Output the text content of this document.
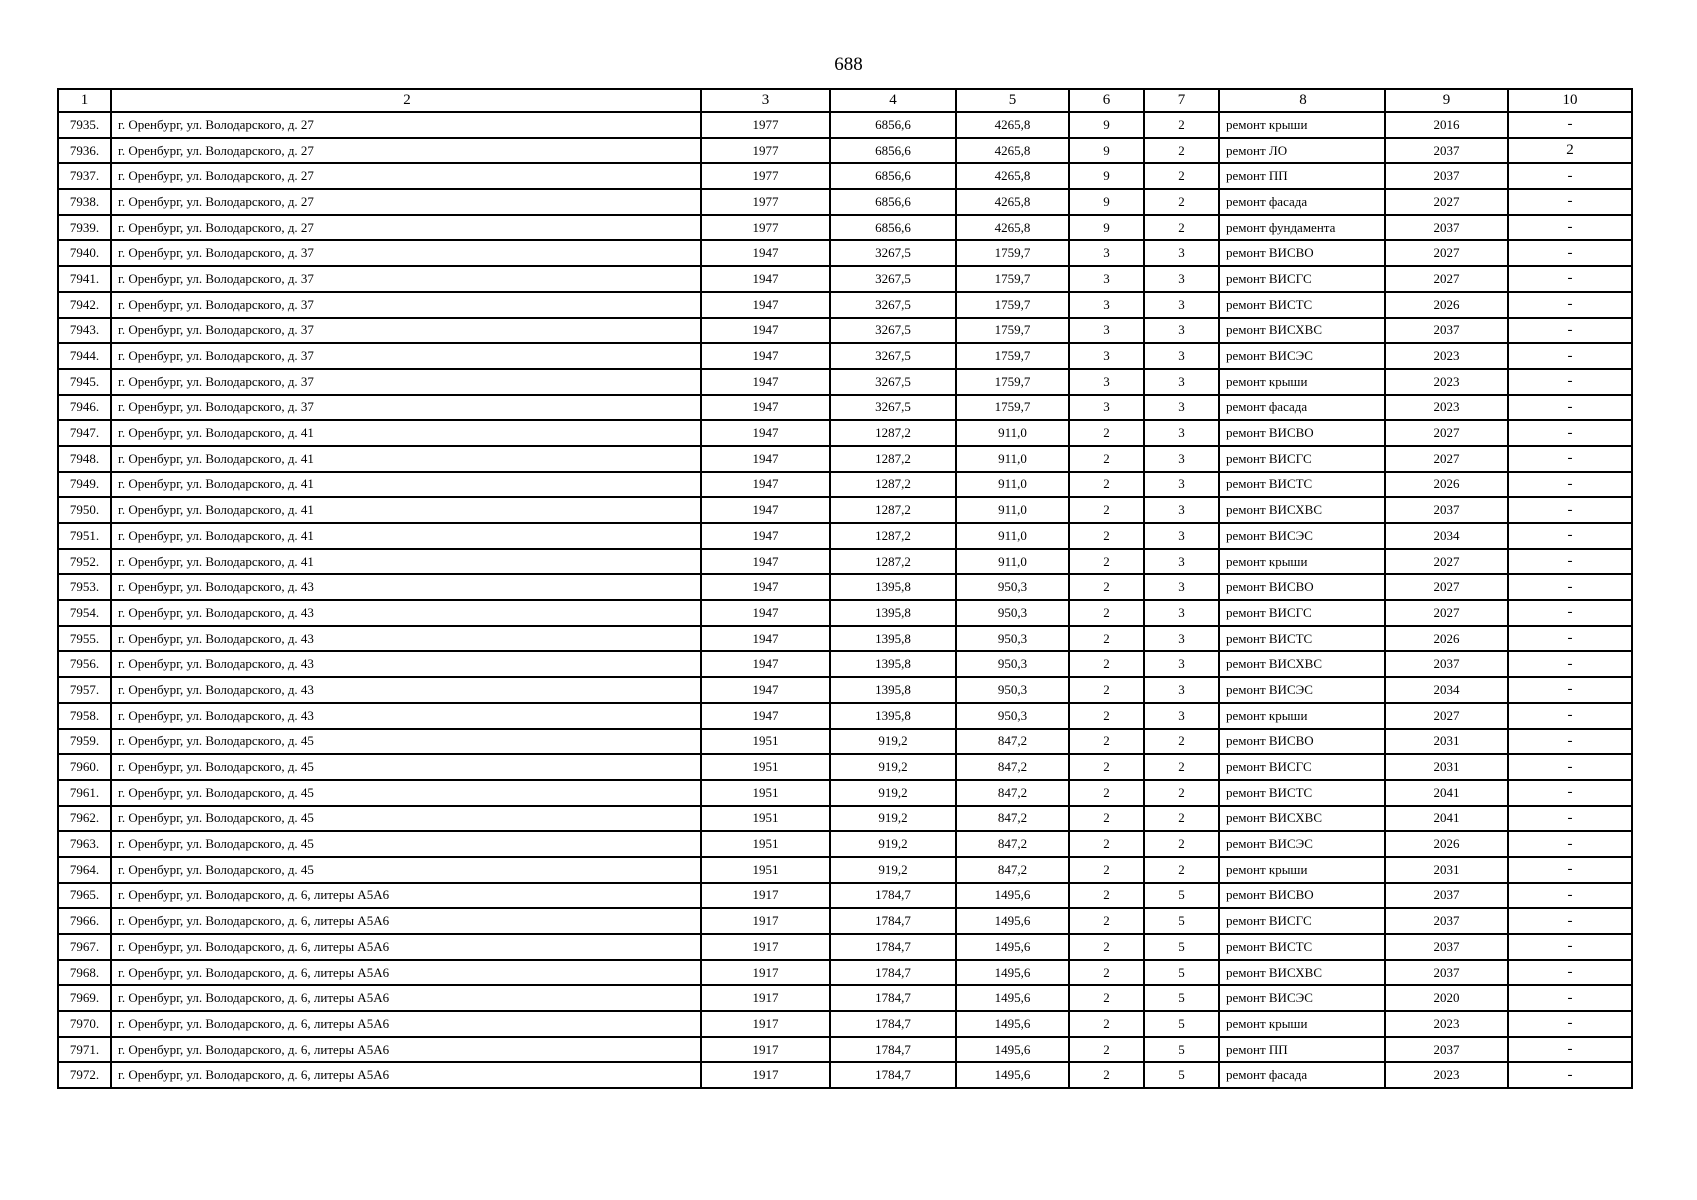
688
1	2	3	4	5	6	7	8	9	10
7935.	г. Оренбург, ул. Володарского, д. 27	1977	6856,6	4265,8	9	2	ремонт крыши	2016	-
7936.	г. Оренбург, ул. Володарского, д. 27	1977	6856,6	4265,8	9	2	ремонт ЛО	2037	2
7937.	г. Оренбург, ул. Володарского, д. 27	1977	6856,6	4265,8	9	2	ремонт ПП	2037	-
7938.	г. Оренбург, ул. Володарского, д. 27	1977	6856,6	4265,8	9	2	ремонт фасада	2027	-
7939.	г. Оренбург, ул. Володарского, д. 27	1977	6856,6	4265,8	9	2	ремонт фундамента	2037	-
7940.	г. Оренбург, ул. Володарского, д. 37	1947	3267,5	1759,7	3	3	ремонт ВИСВО	2027	-
7941.	г. Оренбург, ул. Володарского, д. 37	1947	3267,5	1759,7	3	3	ремонт ВИСГС	2027	-
7942.	г. Оренбург, ул. Володарского, д. 37	1947	3267,5	1759,7	3	3	ремонт ВИСТС	2026	-
7943.	г. Оренбург, ул. Володарского, д. 37	1947	3267,5	1759,7	3	3	ремонт ВИСХВС	2037	-
7944.	г. Оренбург, ул. Володарского, д. 37	1947	3267,5	1759,7	3	3	ремонт ВИСЭС	2023	-
7945.	г. Оренбург, ул. Володарского, д. 37	1947	3267,5	1759,7	3	3	ремонт крыши	2023	-
7946.	г. Оренбург, ул. Володарского, д. 37	1947	3267,5	1759,7	3	3	ремонт фасада	2023	-
7947.	г. Оренбург, ул. Володарского, д. 41	1947	1287,2	911,0	2	3	ремонт ВИСВО	2027	-
7948.	г. Оренбург, ул. Володарского, д. 41	1947	1287,2	911,0	2	3	ремонт ВИСГС	2027	-
7949.	г. Оренбург, ул. Володарского, д. 41	1947	1287,2	911,0	2	3	ремонт ВИСТС	2026	-
7950.	г. Оренбург, ул. Володарского, д. 41	1947	1287,2	911,0	2	3	ремонт ВИСХВС	2037	-
7951.	г. Оренбург, ул. Володарского, д. 41	1947	1287,2	911,0	2	3	ремонт ВИСЭС	2034	-
7952.	г. Оренбург, ул. Володарского, д. 41	1947	1287,2	911,0	2	3	ремонт крыши	2027	-
7953.	г. Оренбург, ул. Володарского, д. 43	1947	1395,8	950,3	2	3	ремонт ВИСВО	2027	-
7954.	г. Оренбург, ул. Володарского, д. 43	1947	1395,8	950,3	2	3	ремонт ВИСГС	2027	-
7955.	г. Оренбург, ул. Володарского, д. 43	1947	1395,8	950,3	2	3	ремонт ВИСТС	2026	-
7956.	г. Оренбург, ул. Володарского, д. 43	1947	1395,8	950,3	2	3	ремонт ВИСХВС	2037	-
7957.	г. Оренбург, ул. Володарского, д. 43	1947	1395,8	950,3	2	3	ремонт ВИСЭС	2034	-
7958.	г. Оренбург, ул. Володарского, д. 43	1947	1395,8	950,3	2	3	ремонт крыши	2027	-
7959.	г. Оренбург, ул. Володарского, д. 45	1951	919,2	847,2	2	2	ремонт ВИСВО	2031	-
7960.	г. Оренбург, ул. Володарского, д. 45	1951	919,2	847,2	2	2	ремонт ВИСГС	2031	-
7961.	г. Оренбург, ул. Володарского, д. 45	1951	919,2	847,2	2	2	ремонт ВИСТС	2041	-
7962.	г. Оренбург, ул. Володарского, д. 45	1951	919,2	847,2	2	2	ремонт ВИСХВС	2041	-
7963.	г. Оренбург, ул. Володарского, д. 45	1951	919,2	847,2	2	2	ремонт ВИСЭС	2026	-
7964.	г. Оренбург, ул. Володарского, д. 45	1951	919,2	847,2	2	2	ремонт крыши	2031	-
7965.	г. Оренбург, ул. Володарского, д. 6, литеры А5А6	1917	1784,7	1495,6	2	5	ремонт ВИСВО	2037	-
7966.	г. Оренбург, ул. Володарского, д. 6, литеры А5А6	1917	1784,7	1495,6	2	5	ремонт ВИСГС	2037	-
7967.	г. Оренбург, ул. Володарского, д. 6, литеры А5А6	1917	1784,7	1495,6	2	5	ремонт ВИСТС	2037	-
7968.	г. Оренбург, ул. Володарского, д. 6, литеры А5А6	1917	1784,7	1495,6	2	5	ремонт ВИСХВС	2037	-
7969.	г. Оренбург, ул. Володарского, д. 6, литеры А5А6	1917	1784,7	1495,6	2	5	ремонт ВИСЭС	2020	-
7970.	г. Оренбург, ул. Володарского, д. 6, литеры А5А6	1917	1784,7	1495,6	2	5	ремонт крыши	2023	-
7971.	г. Оренбург, ул. Володарского, д. 6, литеры А5А6	1917	1784,7	1495,6	2	5	ремонт ПП	2037	-
7972.	г. Оренбург, ул. Володарского, д. 6, литеры А5А6	1917	1784,7	1495,6	2	5	ремонт фасада	2023	-
